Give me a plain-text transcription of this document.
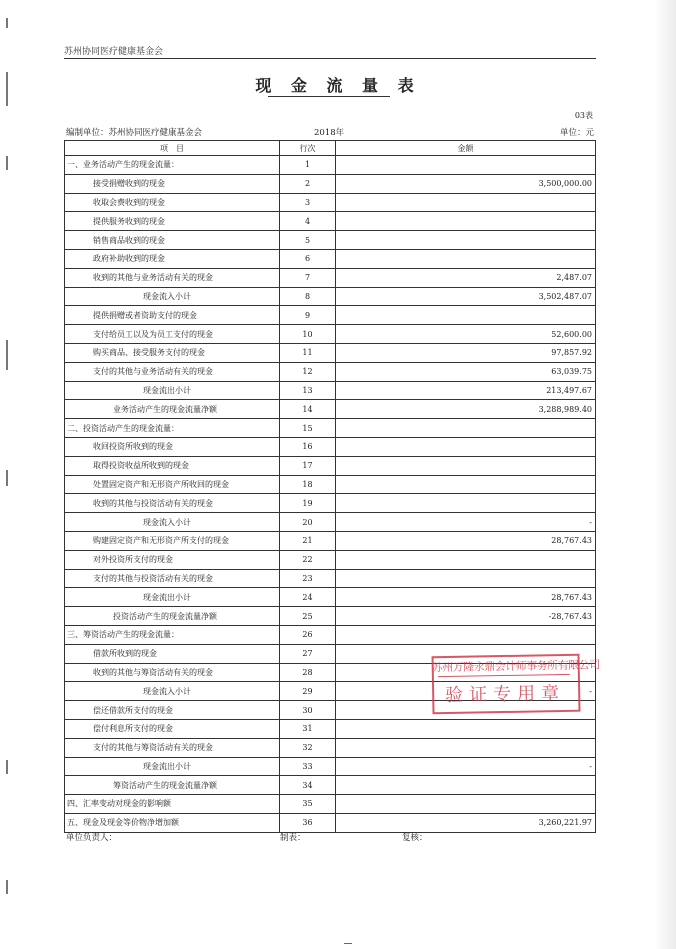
苏州协同医疗健康基金会
现 金 流 量 表
03表
编制单位：苏州协同医疗健康基金会	2018年	单位：元
项　目	行次	金额
一、业务活动产生的现金流量：	1	
接受捐赠收到的现金	2	3,500,000.00
收取会费收到的现金	3	
提供服务收到的现金	4	
销售商品收到的现金	5	
政府补助收到的现金	6	
收到的其他与业务活动有关的现金	7	2,487.07
现金流入小计	8	3,502,487.07
提供捐赠或者资助支付的现金	9	
支付给员工以及为员工支付的现金	10	52,600.00
购买商品、接受服务支付的现金	11	97,857.92
支付的其他与业务活动有关的现金	12	63,039.75
现金流出小计	13	213,497.67
业务活动产生的现金流量净额	14	3,288,989.40
二、投资活动产生的现金流量：	15	
收回投资所收到的现金	16	
取得投资收益所收到的现金	17	
处置固定资产和无形资产所收回的现金	18	
收到的其他与投资活动有关的现金	19	
现金流入小计	20	-
购建固定资产和无形资产所支付的现金	21	28,767.43
对外投资所支付的现金	22	
支付的其他与投资活动有关的现金	23	
现金流出小计	24	28,767.43
投资活动产生的现金流量净额	25	-28,767.43
三、筹资活动产生的现金流量：	26	
借款所收到的现金	27	
收到的其他与筹资活动有关的现金	28	
现金流入小计	29	-
偿还借款所支付的现金	30	
偿付利息所支付的现金	31	
支付的其他与筹资活动有关的现金	32	
现金流出小计	33	-
筹资活动产生的现金流量净额	34	
四、汇率变动对现金的影响额	35	
五、现金及现金等价物净增加额	36	3,260,221.97
苏州万隆永鼎会计师事务所有限公司
验证专用章
单位负责人：	制表：	复核：
